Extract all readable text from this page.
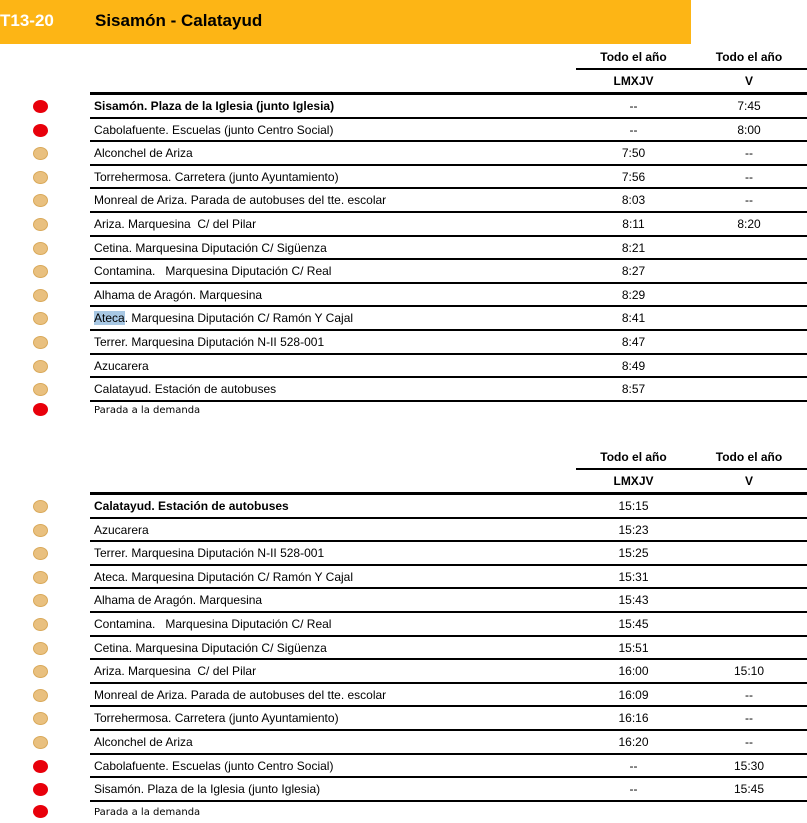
T13-20 Sisamón - Calatayud
Todo el año	Todo el año
LMXJV	V
Sisamón. Plaza de la Iglesia (junto Iglesia)	--	7:45
Cabolafuente. Escuelas (junto Centro Social)	--	8:00
Alconchel de Ariza	7:50	--
Torrehermosa. Carretera (junto Ayuntamiento)	7:56	--
Monreal de Ariza. Parada de autobuses del tte. escolar	8:03	--
Ariza. Marquesina  C/ del Pilar	8:11	8:20
Cetina. Marquesina Diputación C/ Sigüenza	8:21
Contamina.   Marquesina Diputación C/ Real	8:27
Alhama de Aragón. Marquesina	8:29
Ateca. Marquesina Diputación C/ Ramón Y Cajal	8:41
Terrer. Marquesina Diputación N-II 528-001	8:47
Azucarera	8:49
Calatayud. Estación de autobuses	8:57
Parada a la demanda
Todo el año	Todo el año
LMXJV	V
Calatayud. Estación de autobuses	15:15
Azucarera	15:23
Terrer. Marquesina Diputación N-II 528-001	15:25
Ateca. Marquesina Diputación C/ Ramón Y Cajal	15:31
Alhama de Aragón. Marquesina	15:43
Contamina.   Marquesina Diputación C/ Real	15:45
Cetina. Marquesina Diputación C/ Sigüenza	15:51
Ariza. Marquesina  C/ del Pilar	16:00	15:10
Monreal de Ariza. Parada de autobuses del tte. escolar	16:09	--
Torrehermosa. Carretera (junto Ayuntamiento)	16:16	--
Alconchel de Ariza	16:20	--
Cabolafuente. Escuelas (junto Centro Social)	--	15:30
Sisamón. Plaza de la Iglesia (junto Iglesia)	--	15:45
Parada a la demanda
